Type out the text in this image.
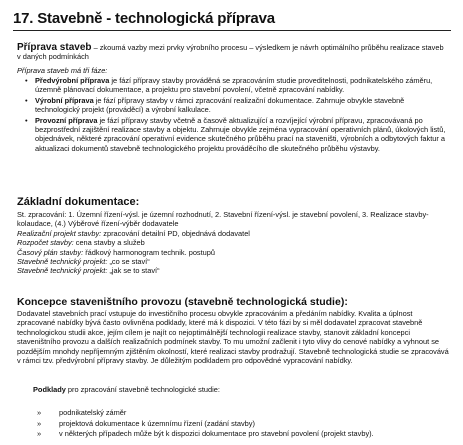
17. Stavebně - technologická příprava
Příprava staveb – zkoumá vazby mezi prvky výrobního procesu – výsledkem je návrh optimálního průběhu realizace staveb v daných podmínkách
Příprava staveb má tři fáze:
• Předvýrobní příprava je fází přípravy stavby prováděná se zpracováním studie proveditelnosti, podnikatelského záměru, územně plánovací dokumentace, a projektu pro stavební povolení, včetně zpracování nabídky.
• Výrobní příprava je fází přípravy stavby v rámci zpracování realizační dokumentace. Zahrnuje obvykle stavebně technologický projekt (prováděcí) a výrobní kalkulace.
• Provozní příprava je fází přípravy stavby včetně a časově aktualizující a rozvíjející výrobní přípravu, zpracovávaná po bezprostřední zajištění realizace stavby a objektu. Zahrnuje obvykle zejména vypracování operativních plánů, úkolových listů, objednávek, některé zpracování operativní evidence skutečného průběhu prací na staveništi, výrobních a odbytových faktur a aktualizaci dokumentů stavebně technologického projektu prováděcího dle skutečného průběhu výstavby.
Základní dokumentace:
St. zpracování: 1. Územní řízení-výsl. je územní rozhodnutí, 2. Stavební řízení-výsl. je stavební povolení, 3. Realizace stavby-kolaudace, (4.) Výběrové řízení-výběr dodavatele
Realizační projekt stavby: zpracování detailní PD, objednává dodavatel
Rozpočet stavby: cena stavby a služeb
Časový plán stavby: řádkový harmonogram technik. postupů
Stavebně technický projekt: „co se staví“
Stavebně technický projekt: „jak se to staví“
Koncepce staveništního provozu (stavebně technologická studie):
Dodavatel stavebních prací vstupuje do investičního procesu obvykle zpracováním a předáním nabídky. Kvalita a úplnost zpracované nabídky bývá často ovlivněna podklady, které má k dispozici. V této fázi by si měl dodavatel zpracovat stavebně technologickou studii akce, jejím cílem je najít co nejoptimálnější technologii realizace stavby, stanovit základní koncepci staveništního provozu a dalších realizačních podmínek stavby. To mu umožní začlenit i tyto vlivy do cenové nabídky a vyhnout se pozdějším mnohdy nepříjemným zjištěním okolností, které realizaci stavby prodražují. Stavebně technologická studie se zpracovává v rámci tzv. předvýrobní přípravy stavby. Je důležitým podkladem pro odpovědné vypracování nabídky.
Podklady pro zpracování stavebně technologické studie:
» podnikatelský záměr
» projektová dokumentace k územnímu řízení (zadání stavby)
» v některých případech může být k dispozici dokumentace pro stavební povolení (projekt stavby).
